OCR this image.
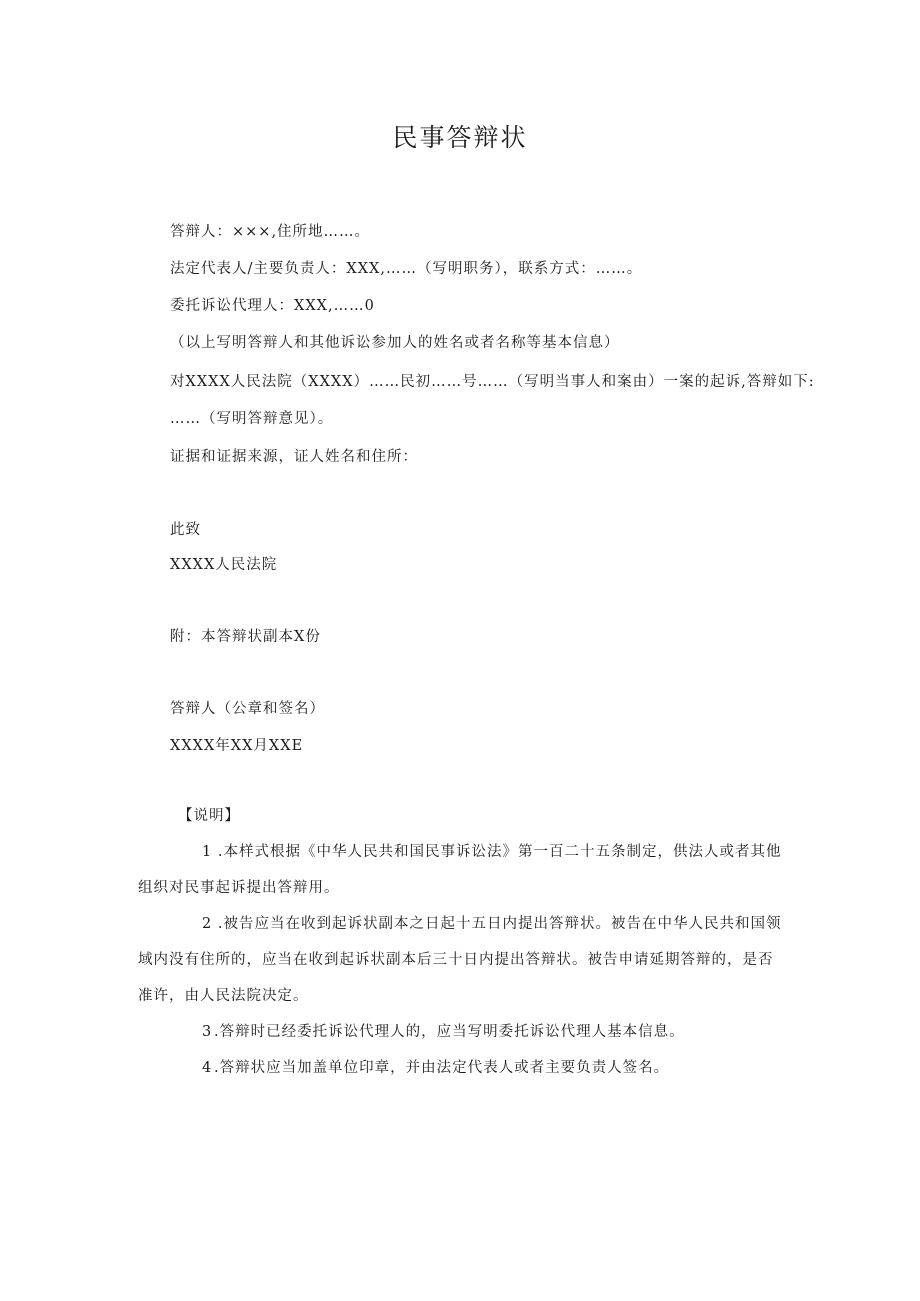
民事答辩状
答辩人：×××,住所地……。
法定代表人/主要负责人：XXX,……（写明职务），联系方式：……。
委托诉讼代理人：XXX,……0
（以上写明答辩人和其他诉讼参加人的姓名或者名称等基本信息）
对XXXX人民法院（XXXX）……民初……号……（写明当事人和案由）一案的起诉,答辩如下:
……（写明答辩意见）。
证据和证据来源，证人姓名和住所：
此致
XXXX人民法院
附：本答辩状副本X份
答辩人（公章和签名）
XXXX年XX月XXE
【说明】

1 .本样式根据《中华人民共和国民事诉讼法》第一百二十五条制定，供法人或者其他组织对民事起诉提出答辩用。

2 .被告应当在收到起诉状副本之日起十五日内提出答辩状。被告在中华人民共和国领域内没有住所的，应当在收到起诉状副本后三十日内提出答辩状。被告申请延期答辩的，是否准许，由人民法院决定。

3 .答辩时已经委托诉讼代理人的，应当写明委托诉讼代理人基本信息。

4 .答辩状应当加盖单位印章，并由法定代表人或者主要负责人签名。
